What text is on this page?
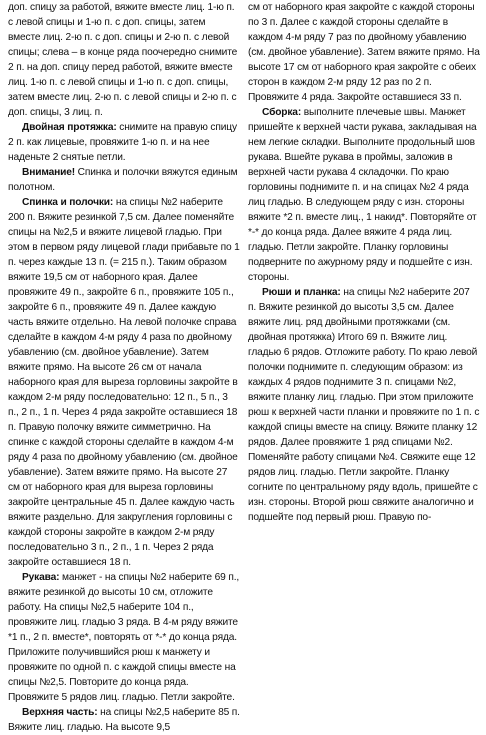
доп. спицу за работой, вяжите вместе лиц. 1-ю п. с левой спицы и 1-ю п. с доп. спицы, затем вместе лиц. 2-ю п. с доп. спицы и 2-ю п. с левой спицы; слева – в конце ряда поочередно снимите 2 п. на доп. спицу перед работой, вяжите вместе лиц. 1-ю п. с левой спицы и 1-ю п. с доп. спицы, затем вместе лиц. 2-ю п. с левой спицы и 2-ю п. с доп. спицы, 3 лиц. п.

Двойная протяжка: снимите на правую спицу 2 п. как лицевые, провяжите 1-ю п. и на нее наденьте 2 снятые петли.

Внимание! Спинка и полочки вяжутся единым полотном.

Спинка и полочки: на спицы №2 наберите 200 п. Вяжите резинкой 7,5 см. Далее поменяйте спицы на №2,5 и вяжите лицевой гладью. При этом в первом ряду лицевой глади прибавьте по 1 п. через каждые 13 п. (= 215 п.). Таким образом вяжите 19,5 см от наборного края. Далее провяжите 49 п., закройте 6 п., провяжите 105 п., закройте 6 п., провяжите 49 п. Далее каждую часть вяжите отдельно. На левой полочке справа сделайте в каждом 4-м ряду 4 раза по двойному убавлению (см. двойное убавление). Затем вяжите прямо. На высоте 26 см от начала наборного края для выреза горловины закройте в каждом 2-м ряду последовательно: 12 п., 5 п., 3 п., 2 п., 1 п. Через 4 ряда закройте оставшиеся 18 п. Правую полочку вяжите симметрично. На спинке с каждой стороны сделайте в каждом 4-м ряду 4 раза по двойному убавлению (см. двойное убавление). Затем вяжите прямо. На высоте 27 см от наборного края для выреза горловины закройте центральные 45 п. Далее каждую часть вяжите раздельно. Для закругления горловины с каждой стороны закройте в каждом 2-м ряду последовательно 3 п., 2 п., 1 п. Через 2 ряда закройте оставшиеся 18 п.

Рукава: манжет - на спицы №2 наберите 69 п., вяжите резинкой до высоты 10 см, отложите работу. На спицы №2,5 наберите 104 п., провяжите лиц. гладью 3 ряда. В 4-м ряду вяжите *1 п., 2 п. вместе*, повторять от *-* до конца ряда. Приложите получившийся рюш к манжету и провяжите по одной п. с каждой спицы вместе на спицы №2,5. Повторите до конца ряда. Провяжите 5 рядов лиц. гладью. Петли закройте.

Верхняя часть: на спицы №2,5 наберите 85 п. Вяжите лиц. гладью. На высоте 9,5

см от наборного края закройте с каждой стороны по 3 п. Далее с каждой стороны сделайте в каждом 4-м ряду 7 раз по двойному убавлению (см. двойное убавление). Затем вяжите прямо. На высоте 17 см от наборного края закройте с обеих сторон в каждом 2-м ряду 12 раз по 2 п. Провяжите 4 ряда. Закройте оставшиеся 33 п.

Сборка: выполните плечевые швы. Манжет пришейте к верхней части рукава, закладывая на нем легкие складки. Выполните продольный шов рукава. Вшейте рукава в проймы, заложив в верхней части рукава 4 складочки. По краю горловины поднимите п. и на спицах №2 4 ряда лиц гладью. В следующем ряду с изн. стороны вяжите *2 п. вместе лиц., 1 накид*. Повторяйте от *-* до конца ряда. Далее вяжите 4 ряда лиц. гладью. Петли закройте. Планку горловины подверните по ажурному ряду и подшейте с изн. стороны.

Рюши и планка: на спицы №2 наберите 207 п. Вяжите резинкой до высоты 3,5 см. Далее вяжите лиц. ряд двойными протяжками (см. двойная протяжка) Итого 69 п. Вяжите лиц. гладью 6 рядов. Отложите работу. По краю левой полочки поднимите п. следующим образом: из каждых 4 рядов поднимите 3 п. спицами №2, вяжите планку лиц. гладью. При этом приложите рюш к верхней части планки и провяжите по 1 п. с каждой спицы вместе на спицу. Вяжите планку 12 рядов. Далее провяжите 1 ряд спицами №2. Поменяйте работу спицами №4. Свяжите еще 12 рядов лиц. гладью. Петли закройте. Планку согните по центральному ряду вдоль, пришейте с изн. стороны. Второй рюш свяжите аналогично и подшейте под первый рюш. Правую по-
